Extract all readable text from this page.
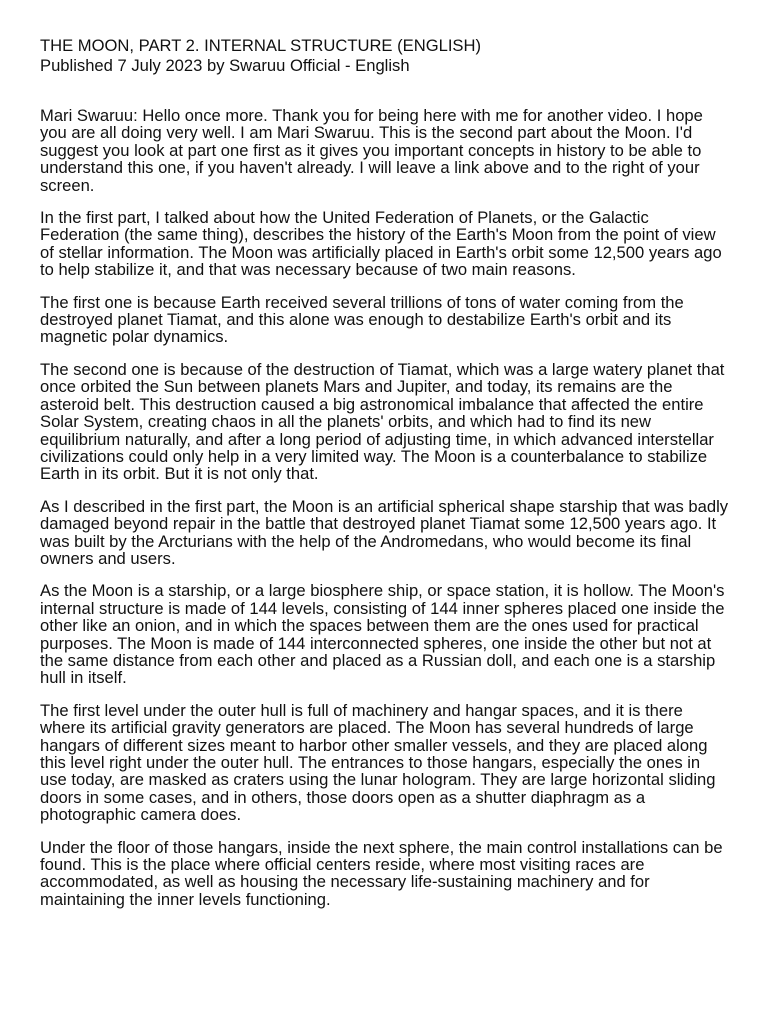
THE MOON, PART 2. INTERNAL STRUCTURE (ENGLISH)
Published 7 July 2023 by Swaruu Official - English

Mari Swaruu: Hello once more. Thank you for being here with me for another video. I hope you are all doing very well. I am Mari Swaruu. This is the second part about the Moon. I'd suggest you look at part one first as it gives you important concepts in history to be able to understand this one, if you haven't already. I will leave a link above and to the right of your screen.

In the first part, I talked about how the United Federation of Planets, or the Galactic Federation (the same thing), describes the history of the Earth's Moon from the point of view of stellar information. The Moon was artificially placed in Earth's orbit some 12,500 years ago to help stabilize it, and that was necessary because of two main reasons.

The first one is because Earth received several trillions of tons of water coming from the destroyed planet Tiamat, and this alone was enough to destabilize Earth's orbit and its magnetic polar dynamics.

The second one is because of the destruction of Tiamat, which was a large watery planet that once orbited the Sun between planets Mars and Jupiter, and today, its remains are the asteroid belt. This destruction caused a big astronomical imbalance that affected the entire Solar System, creating chaos in all the planets' orbits, and which had to find its new equilibrium naturally, and after a long period of adjusting time, in which advanced interstellar civilizations could only help in a very limited way. The Moon is a counterbalance to stabilize Earth in its orbit. But it is not only that.

As I described in the first part, the Moon is an artificial spherical shape starship that was badly damaged beyond repair in the battle that destroyed planet Tiamat some 12,500 years ago. It was built by the Arcturians with the help of the Andromedans, who would become its final owners and users.

As the Moon is a starship, or a large biosphere ship, or space station, it is hollow. The Moon's internal structure is made of 144 levels, consisting of 144 inner spheres placed one inside the other like an onion, and in which the spaces between them are the ones used for practical purposes. The Moon is made of 144 interconnected spheres, one inside the other but not at the same distance from each other and placed as a Russian doll, and each one is a starship hull in itself.

The first level under the outer hull is full of machinery and hangar spaces, and it is there where its artificial gravity generators are placed. The Moon has several hundreds of large hangars of different sizes meant to harbor other smaller vessels, and they are placed along this level right under the outer hull. The entrances to those hangars, especially the ones in use today, are masked as craters using the lunar hologram. They are large horizontal sliding doors in some cases, and in others, those doors open as a shutter diaphragm as a photographic camera does.

Under the floor of those hangars, inside the next sphere, the main control installations can be found. This is the place where official centers reside, where most visiting races are accommodated, as well as housing the necessary life-sustaining machinery and for maintaining the inner levels functioning.
